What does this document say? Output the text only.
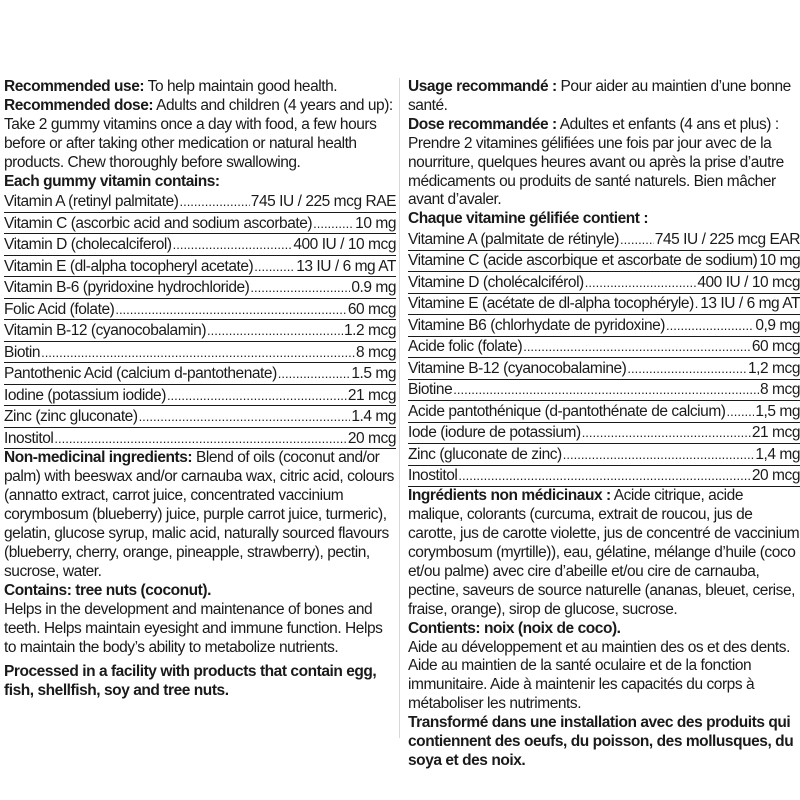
Recommended use: To help maintain good health.

Recommended dose: Adults and children (4 years and up): Take 2 gummy vitamins once a day with food, a few hours before or after taking other medication or natural health products. Chew thoroughly before swallowing.

Each gummy vitamin contains:

Vitamin A (retinyl palmitate) .....	745 IU / 225 mcg RAE
Vitamin C (ascorbic acid and sodium ascorbate) .....	10 mg
Vitamin D (cholecalciferol) .....	400 IU / 10 mcg
Vitamin E (dl-alpha tocopheryl acetate) .....	13 IU / 6 mg AT
Vitamin B-6 (pyridoxine hydrochloride) .....	0.9 mg
Folic Acid (folate) .....	60 mcg
Vitamin B-12 (cyanocobalamin) .....	1.2 mcg
Biotin .....	8 mcg
Pantothenic Acid (calcium d-pantothenate) .....	1.5 mg
Iodine (potassium iodide) .....	21 mcg
Zinc (zinc gluconate) .....	1.4 mg
Inostitol .....	20 mcg

Non-medicinal ingredients: Blend of oils (coconut and/or palm) with beeswax and/or carnauba wax, citric acid, colours (annatto extract, carrot juice, concentrated vaccinium corymbosum (blueberry) juice, purple carrot juice, turmeric), gelatin, glucose syrup, malic acid, naturally sourced flavours (blueberry, cherry, orange, pineapple, strawberry), pectin, sucrose, water.

Contains: tree nuts (coconut).

Helps in the development and maintenance of bones and teeth. Helps maintain eyesight and immune function. Helps to maintain the body’s ability to metabolize nutrients.

Processed in a facility with products that contain egg, fish, shellfish, soy and tree nuts.

Usage recommandé : Pour aider au maintien d’une bonne santé.

Dose recommandée : Adultes et enfants (4 ans et plus) : Prendre 2 vitamines gélifiées une fois par jour avec de la nourriture, quelques heures avant ou après la prise d’autre médicaments ou produits de santé naturels. Bien mâcher avant d’avaler.

Chaque vitamine gélifiée contient :

Vitamine A (palmitate de rétinyle) ..... 745 IU / 225 mcg EAR
Vitamine C (acide ascorbique et ascorbate de sodium) 10 mg
Vitamine D (cholécalciférol) .....	400 IU / 10 mcg
Vitamine E (acétate de dl-alpha tocophéryle) ..... 13 IU / 6 mg AT
Vitamine B6 (chlorhydate de pyridoxine) .....	0,9 mg
Acide folic (folate) .....	60 mcg
Vitamine B-12 (cyanocobalamine) .....	1,2 mcg
Biotine .....	8 mcg
Acide pantothénique (d-pantothénate de calcium) ..... 1,5 mg
Iode (iodure de potassium) .....	21 mcg
Zinc (gluconate de zinc) .....	1,4 mg
Inostitol .....	20 mcg

Ingrédients non médicinaux : Acide citrique, acide malique, colorants (curcuma, extrait de roucou, jus de carotte, jus de carotte violette, jus de concentré de vaccinium corymbosum (myrtille)), eau, gélatine, mélange d’huile (coco et/ou palme) avec cire d’abeille et/ou cire de carnauba, pectine, saveurs de source naturelle (ananas, bleuet, cerise, fraise, orange), sirop de glucose, sucrose.

Contients: noix (noix de coco).

Aide au développement et au maintien des os et des dents. Aide au maintien de la santé oculaire et de la fonction immunitaire. Aide à maintenir les capacités du corps à métaboliser les nutriments.

Transformé dans une installation avec des produits qui contiennent des oeufs, du poisson, des mollusques, du soya et des noix.
